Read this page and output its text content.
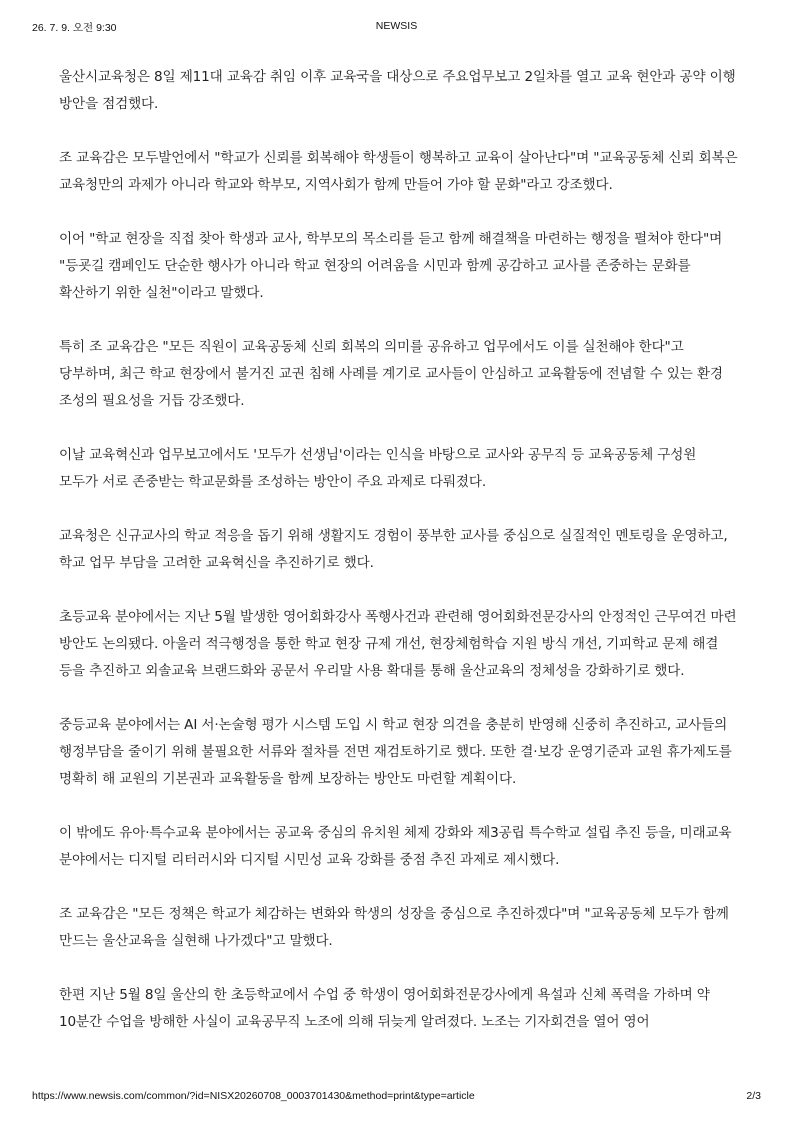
26. 7. 9. 오전 9:30	NEWSIS

울산시교육청은 8일 제11대 교육감 취임 이후 교육국을 대상으로 주요업무보고 2일차를 열고 교육 현안과 공약 이행 방안을 점검했다.

조 교육감은 모두발언에서 "학교가 신뢰를 회복해야 학생들이 행복하고 교육이 살아난다"며 "교육공동체 신뢰 회복은 교육청만의 과제가 아니라 학교와 학부모, 지역사회가 함께 만들어 가야 할 문화"라고 강조했다.

이어 "학교 현장을 직접 찾아 학생과 교사, 학부모의 목소리를 듣고 함께 해결책을 마련하는 행정을 펼쳐야 한다"며 "등굣길 캠페인도 단순한 행사가 아니라 학교 현장의 어려움을 시민과 함께 공감하고 교사를 존중하는 문화를 확산하기 위한 실천"이라고 말했다.

특히 조 교육감은 "모든 직원이 교육공동체 신뢰 회복의 의미를 공유하고 업무에서도 이를 실천해야 한다"고 당부하며, 최근 학교 현장에서 불거진 교권 침해 사례를 계기로 교사들이 안심하고 교육활동에 전념할 수 있는 환경 조성의 필요성을 거듭 강조했다.

이날 교육혁신과 업무보고에서도 '모두가 선생님'이라는 인식을 바탕으로 교사와 공무직 등 교육공동체 구성원 모두가 서로 존중받는 학교문화를 조성하는 방안이 주요 과제로 다뤄졌다.

교육청은 신규교사의 학교 적응을 돕기 위해 생활지도 경험이 풍부한 교사를 중심으로 실질적인 멘토링을 운영하고, 학교 업무 부담을 고려한 교육혁신을 추진하기로 했다.

초등교육 분야에서는 지난 5월 발생한 영어회화강사 폭행사건과 관련해 영어회화전문강사의 안정적인 근무여건 마련 방안도 논의됐다. 아울러 적극행정을 통한 학교 현장 규제 개선, 현장체험학습 지원 방식 개선, 기피학교 문제 해결 등을 추진하고 외솔교육 브랜드화와 공문서 우리말 사용 확대를 통해 울산교육의 정체성을 강화하기로 했다.

중등교육 분야에서는 AI 서·논술형 평가 시스템 도입 시 학교 현장 의견을 충분히 반영해 신중히 추진하고, 교사들의 행정부담을 줄이기 위해 불필요한 서류와 절차를 전면 재검토하기로 했다. 또한 결·보강 운영기준과 교원 휴가제도를 명확히 해 교원의 기본권과 교육활동을 함께 보장하는 방안도 마련할 계획이다.

이 밖에도 유아·특수교육 분야에서는 공교육 중심의 유치원 체제 강화와 제3공립 특수학교 설립 추진 등을, 미래교육 분야에서는 디지털 리터러시와 디지털 시민성 교육 강화를 중점 추진 과제로 제시했다.

조 교육감은 "모든 정책은 학교가 체감하는 변화와 학생의 성장을 중심으로 추진하겠다"며 "교육공동체 모두가 함께 만드는 울산교육을 실현해 나가겠다"고 말했다.

한편 지난 5월 8일 울산의 한 초등학교에서 수업 중 학생이 영어회화전문강사에게 욕설과 신체 폭력을 가하며 약 10분간 수업을 방해한 사실이 교육공무직 노조에 의해 뒤늦게 알려졌다. 노조는 기자회견을 열어 영어

https://www.newsis.com/common/?id=NISX20260708_0003701430&method=print&type=article	2/3
